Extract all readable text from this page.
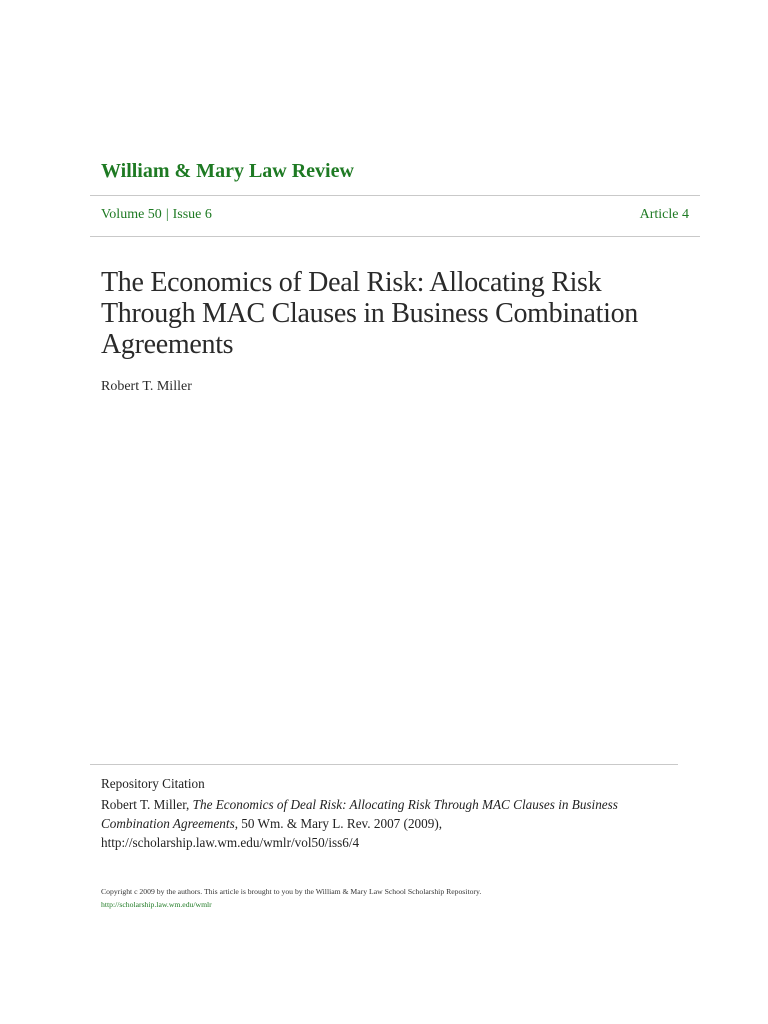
William & Mary Law Review
Volume 50 | Issue 6	Article 4
The Economics of Deal Risk: Allocating Risk
Through MAC Clauses in Business Combination
Agreements
Robert T. Miller
Repository Citation
Robert T. Miller, The Economics of Deal Risk: Allocating Risk Through MAC Clauses in Business Combination Agreements, 50 Wm. & Mary L. Rev. 2007 (2009), http://scholarship.law.wm.edu/wmlr/vol50/iss6/4
Copyright c 2009 by the authors. This article is brought to you by the William & Mary Law School Scholarship Repository.
http://scholarship.law.wm.edu/wmlr
